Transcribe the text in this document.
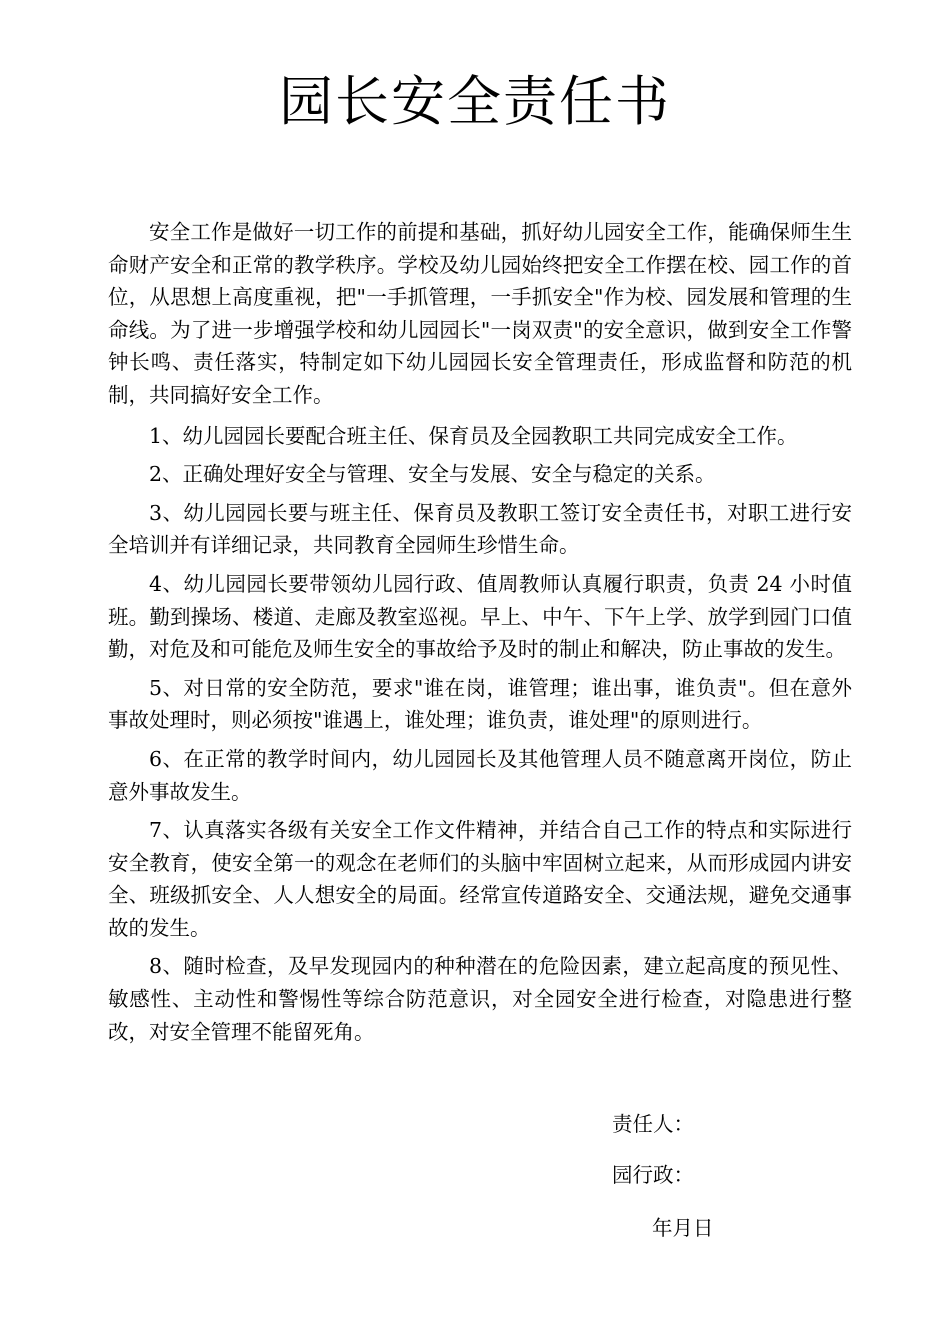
园长安全责任书

安全工作是做好一切工作的前提和基础，抓好幼儿园安全工作，能确保师生生命财产安全和正常的教学秩序。学校及幼儿园始终把安全工作摆在校、园工作的首位，从思想上高度重视，把"一手抓管理，一手抓安全"作为校、园发展和管理的生命线。为了进一步增强学校和幼儿园园长"一岗双责"的安全意识，做到安全工作警钟长鸣、责任落实，特制定如下幼儿园园长安全管理责任，形成监督和防范的机制，共同搞好安全工作。

1、幼儿园园长要配合班主任、保育员及全园教职工共同完成安全工作。

2、正确处理好安全与管理、安全与发展、安全与稳定的关系。

3、幼儿园园长要与班主任、保育员及教职工签订安全责任书，对职工进行安全培训并有详细记录，共同教育全园师生珍惜生命。

4、幼儿园园长要带领幼儿园行政、值周教师认真履行职责，负责 24 小时值班。勤到操场、楼道、走廊及教室巡视。早上、中午、下午上学、放学到园门口值勤，对危及和可能危及师生安全的事故给予及时的制止和解决，防止事故的发生。

5、对日常的安全防范，要求"谁在岗，谁管理；谁出事，谁负责"。但在意外事故处理时，则必须按"谁遇上，谁处理；谁负责，谁处理"的原则进行。

6、在正常的教学时间内，幼儿园园长及其他管理人员不随意离开岗位，防止意外事故发生。

7、认真落实各级有关安全工作文件精神，并结合自己工作的特点和实际进行安全教育，使安全第一的观念在老师们的头脑中牢固树立起来，从而形成园内讲安全、班级抓安全、人人想安全的局面。经常宣传道路安全、交通法规，避免交通事故的发生。

8、随时检查，及早发现园内的种种潜在的危险因素，建立起高度的预见性、敏感性、主动性和警惕性等综合防范意识，对全园安全进行检查，对隐患进行整改，对安全管理不能留死角。

责任人：
园行政：
年月日
